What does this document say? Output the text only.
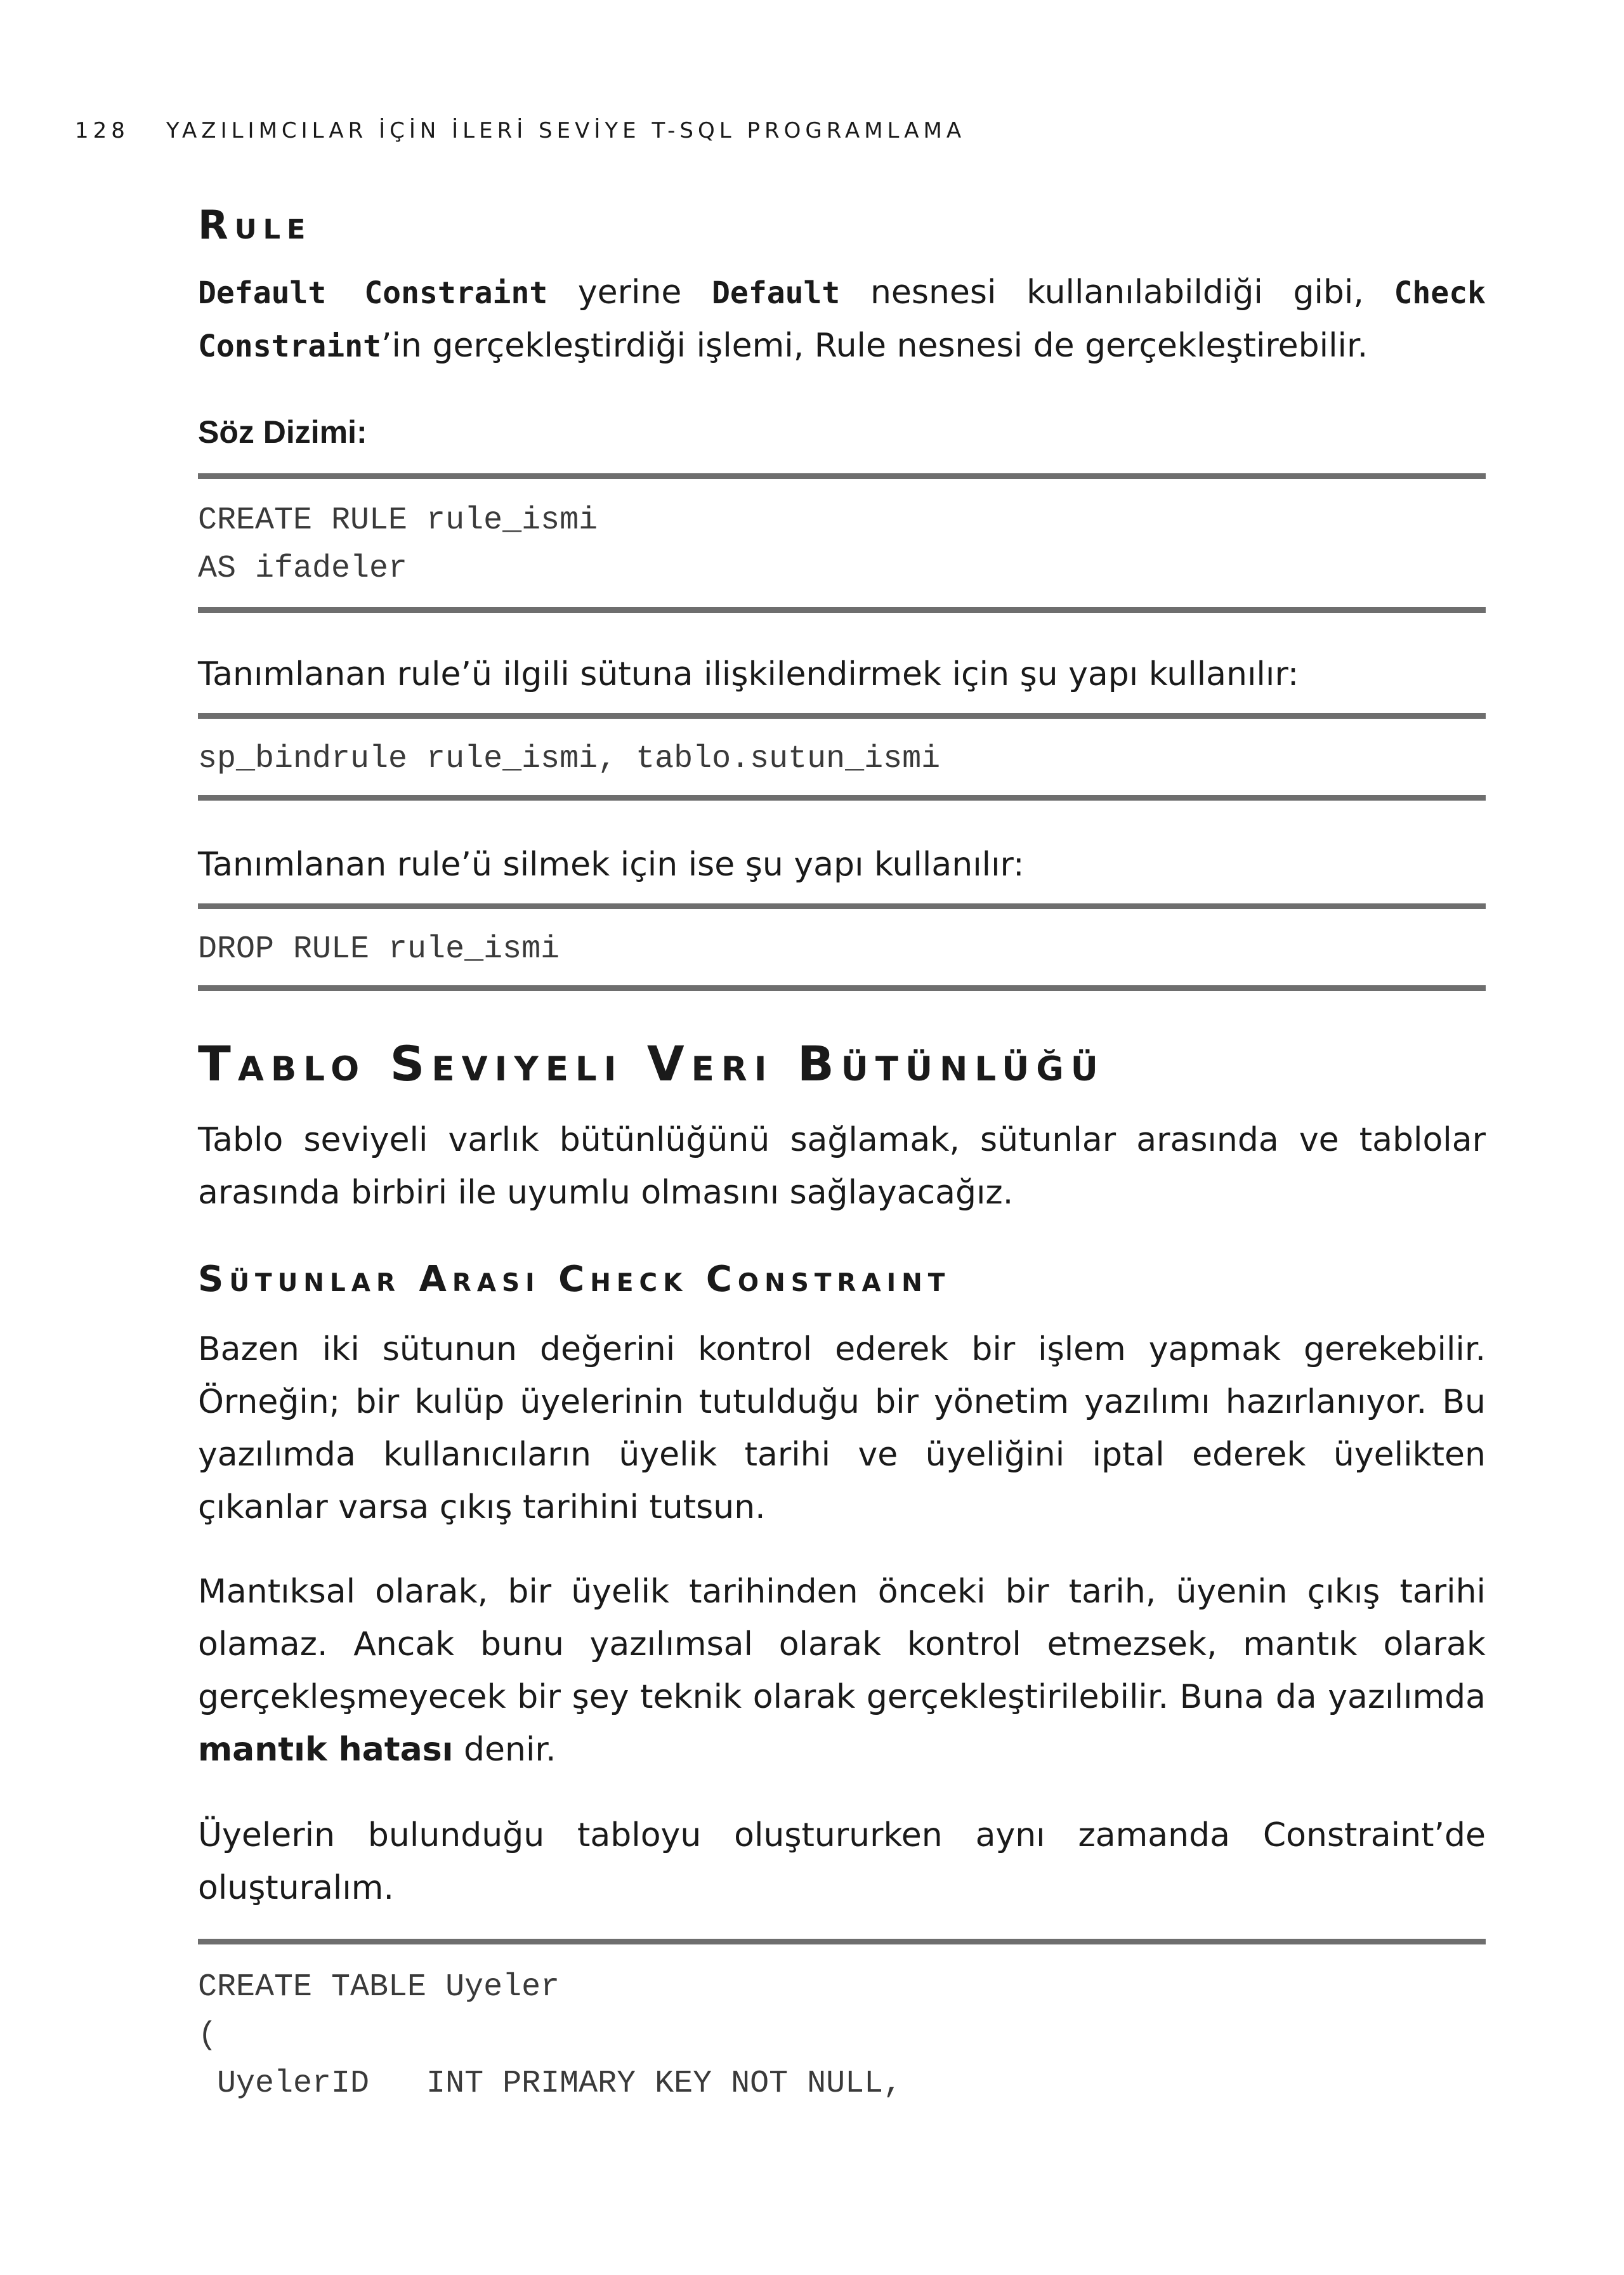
128 YAZILIMCILAR İÇİN İLERİ SEVİYE T-SQL PROGRAMLAMA
Rule

Default Constraint yerine Default nesnesi kullanılabildiği gibi, Check Constraint’in gerçekleştirdiği işlemi, Rule nesnesi de gerçekleştirebilir.

Söz Dizimi:

CREATE RULE rule_ismi
AS ifadeler

Tanımlanan rule’ü ilgili sütuna ilişkilendirmek için şu yapı kullanılır:

sp_bindrule rule_ismi, tablo.sutun_ismi

Tanımlanan rule’ü silmek için ise şu yapı kullanılır:

DROP RULE rule_ismi
Tablo Seviyeli Veri Bütünlüğü

Tablo seviyeli varlık bütünlüğünü sağlamak, sütunlar arasında ve tablolar arasında birbiri ile uyumlu olmasını sağlayacağız.

Sütunlar Arası Check Constraint

Bazen iki sütunun değerini kontrol ederek bir işlem yapmak gerekebilir. Örneğin; bir kulüp üyelerinin tutulduğu bir yönetim yazılımı hazırlanıyor. Bu yazılımda kullanıcıların üyelik tarihi ve üyeliğini iptal ederek üyelikten çıkanlar varsa çıkış tarihini tutsun.

Mantıksal olarak, bir üyelik tarihinden önceki bir tarih, üyenin çıkış tarihi olamaz. Ancak bunu yazılımsal olarak kontrol etmezsek, mantık olarak gerçekleşmeyecek bir şey teknik olarak gerçekleştirilebilir. Buna da yazılımda mantık hatası denir.

Üyelerin bulunduğu tabloyu oluştururken aynı zamanda Constraint’de oluşturalım.

CREATE TABLE Uyeler
(
UyelerID   INT PRIMARY KEY NOT NULL,
